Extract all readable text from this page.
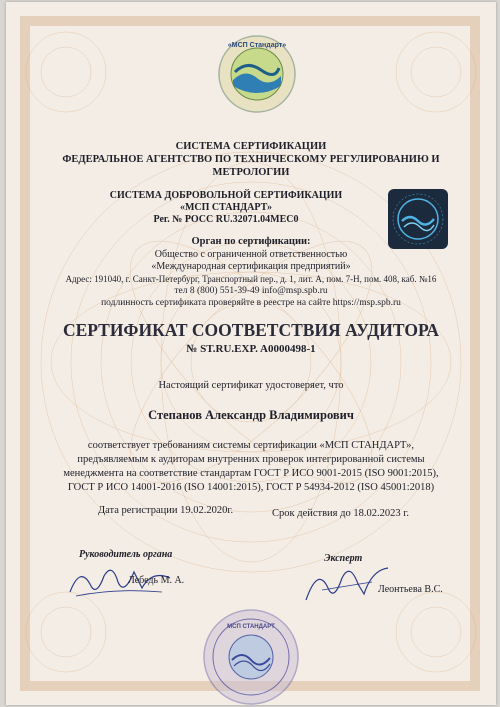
«МСП Стандарт»
СИСТЕМА СЕРТИФИКАЦИИ
ФЕДЕРАЛЬНОЕ АГЕНТСТВО ПО ТЕХНИЧЕСКОМУ РЕГУЛИРОВАНИЮ И
МЕТРОЛОГИИ
СИСТЕМА ДОБРОВОЛЬНОЙ СЕРТИФИКАЦИИ
«МСП СТАНДАРТ»
Рег. № РОСС RU.32071.04МЕС0
Орган по сертификации:
Общество с ограниченной ответственностью
«Международная сертификация предприятий»
Адрес: 191040, г. Санкт-Петербург, Транспортный пер., д. 1, лит. А, пом. 7-Н, пом. 408, каб. №16
тел 8 (800) 551-39-49 info@msp.spb.ru
подлинность сертификата проверяйте в реестре на сайте https://msp.spb.ru
СЕРТИФИКАТ СООТВЕТСТВИЯ АУДИТОРА
№ ST.RU.EXP. A0000498-1
Настоящий сертификат удостоверяет, что
Степанов Александр Владимирович
соответствует требованиям системы сертификации «МСП СТАНДАРТ»,
предъявляемым к аудиторам внутренних проверок интегрированной системы
менеджмента на соответствие стандартам ГОСТ Р ИСО 9001-2015 (ISO 9001:2015),
ГОСТ Р ИСО 14001-2016 (ISO 14001:2015), ГОСТ Р 54934-2012 (ISO 45001:2018)
Дата регистрации 19.02.2020г.	Срок действия до 18.02.2023 г.
Руководитель органа
Лебедь М. А.
Эксперт
Леонтьева В.С.
МСП СТАНДАРТ
